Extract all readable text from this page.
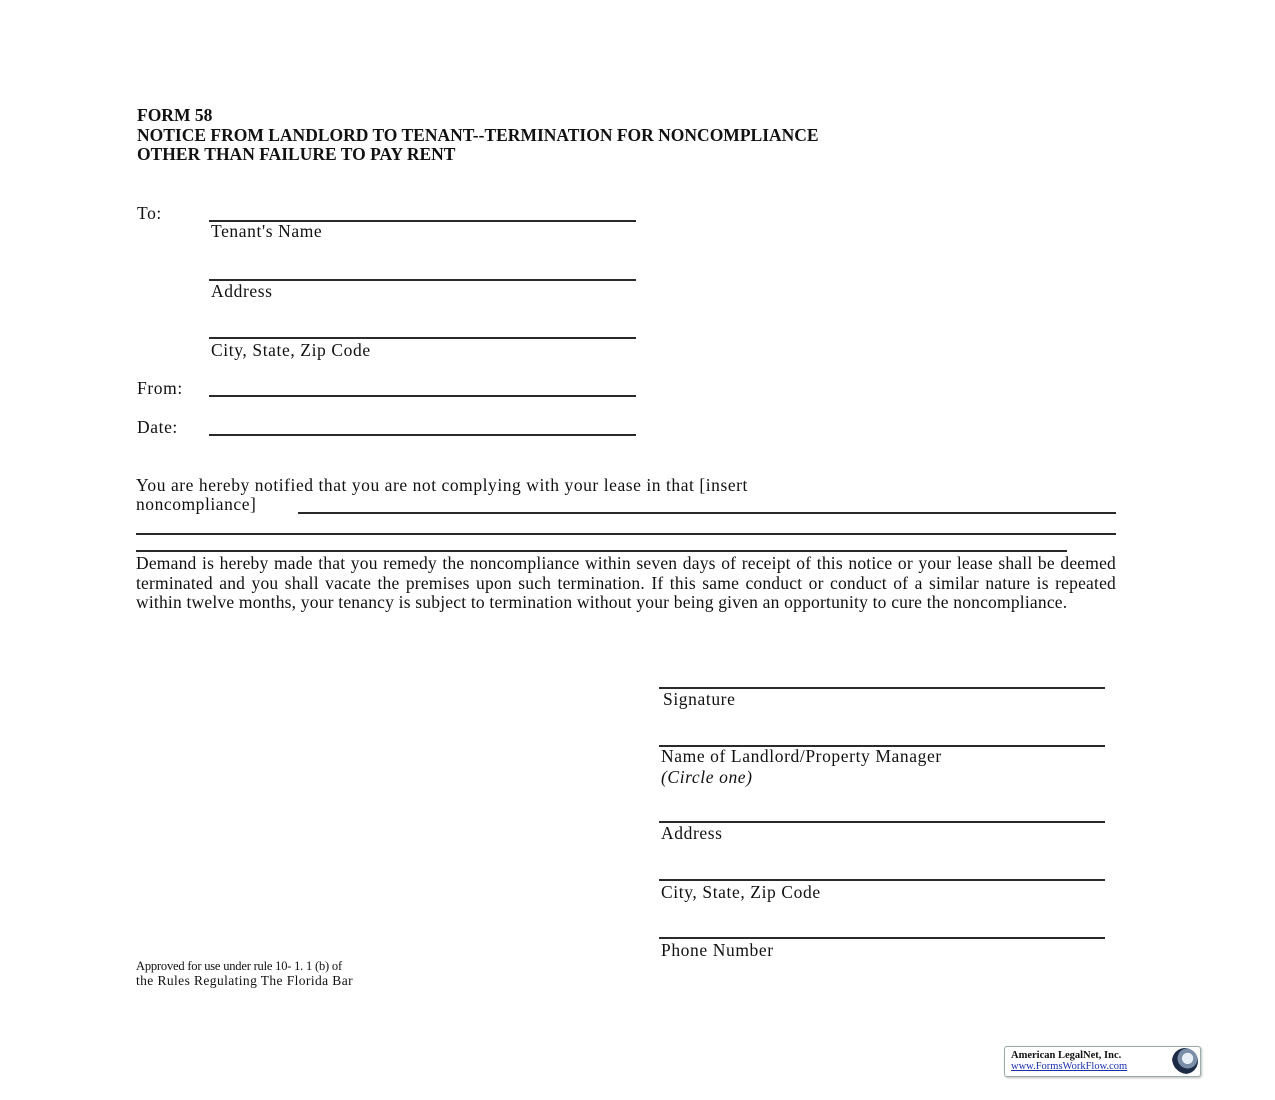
FORM 58
NOTICE FROM LANDLORD TO TENANT--TERMINATION FOR NONCOMPLIANCE
OTHER THAN FAILURE TO PAY RENT
To:
Tenant's Name
Address
City, State, Zip Code
From:
Date:
You are hereby notified that you are not complying with your lease in that [insert
noncompliance]
Demand is hereby made that you remedy the noncompliance within seven days of receipt of this notice or your lease shall be deemed terminated and you shall vacate the premises upon such termination. If this same conduct or conduct of a similar nature is repeated within twelve months, your tenancy is subject to termination without your being given an opportunity to cure the noncompliance.
Signature
Name of Landlord/Property Manager
(Circle one)
Address
City, State, Zip Code
Phone Number
Approved for use under rule 10- 1. 1 (b) of
the Rules Regulating The Florida Bar
American LegalNet, Inc.
www.FormsWorkFlow.com
